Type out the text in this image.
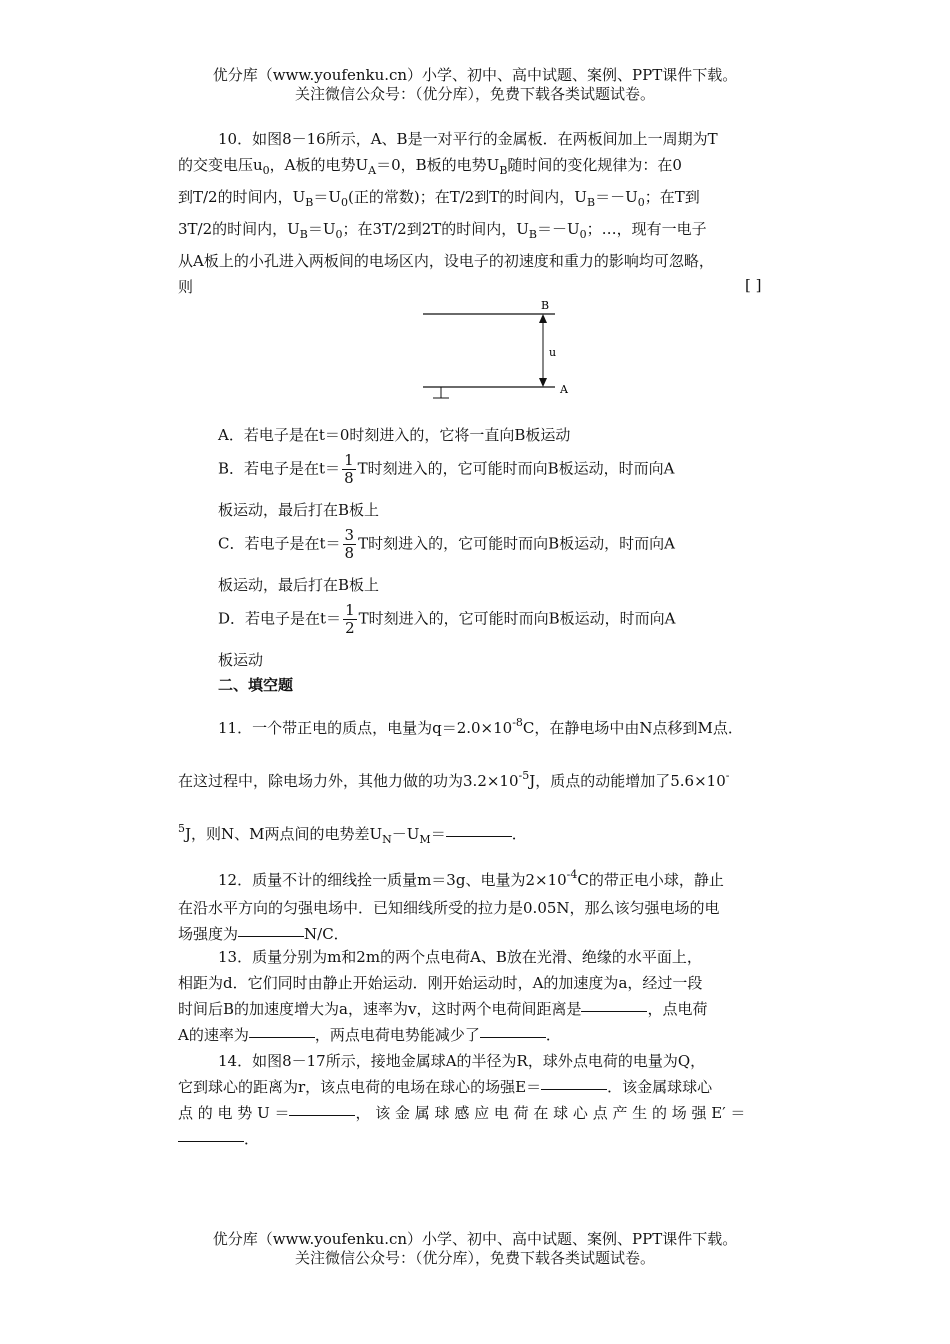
优分库（www.youfenku.cn）小学、初中、高中试题、案例、PPT课件下载。
关注微信公众号：（优分库），免费下载各类试题试卷。
10．如图8－16所示，A、B是一对平行的金属板．在两板间加上一周期为T
的交变电压$u_0$，A板的电势$U_A=0$，B板的电势$U_B$随时间的变化规律为：在0
到T/2的时间内，$U_B=U_0$(正的常数)；在T/2到T的时间内，$U_B=-U_0$；在T到
3T/2的时间内，$U_B=U_0$；在3T/2到2T的时间内，$U_B=-U_0$；…，现有一电子
从A板上的小孔进入两板间的电场区内，设电子的初速度和重力的影响均可忽略，
则	[ ]
B
A
u
A．若电子是在t＝0时刻进入的，它将一直向B板运动
B．若电子是在$t= \frac{1}{8}$ T时刻进入的，它可能时而向B板运动，时而向A
板运动，最后打在B板上
C．若电子是在$t= \frac{3}{8}$ T时刻进入的，它可能时而向B板运动，时而向A
板运动，最后打在B板上
D．若电子是在$t= \frac{1}{2}$ T时刻进入的，它可能时而向B板运动，时而向A
板运动
二、填空题
11．一个带正电的质点，电量为$q=2.0\times 10^{-8}C$，在静电场中由N点移到M点．
在这过程中，除电场力外，其他力做的功为$3.2\times 10^{-5}J$，质点的动能增加了5.6×10-
$^5$J，则N、M两点间的电势差$U_N-U_M=$	．
12．质量不计的细线拴一质量m＝3g、电量为$2\times 10^{-4}C$的带正电小球，静止
在沿水平方向的匀强电场中．已知细线所受的拉力是0.05N，那么该匀强电场的电
场强度为	N/C．
13．质量分别为m和2m的两个点电荷A、B放在光滑、绝缘的水平面上，
相距为d．它们同时由静止开始运动．刚开始运动时，A的加速度为a，经过一段
时间后B的加速度增大为a，速率为v，这时两个电荷间距离是	，点电荷
A的速率为	，两点电荷电势能减少了	．
14．如图8－17所示，接地金属球A的半径为R，球外点电荷的电量为Q，
它到球心的距离为r，该点电荷的电场在球心的场强E＝	．该金属球球心
点 的 电 势 U ＝	， 该 金 属 球 感 应 电 荷 在 球 心 点 产 生 的 场 强 E′ ＝
．
优分库（www.youfenku.cn）小学、初中、高中试题、案例、PPT课件下载。
关注微信公众号：（优分库），免费下载各类试题试卷。
